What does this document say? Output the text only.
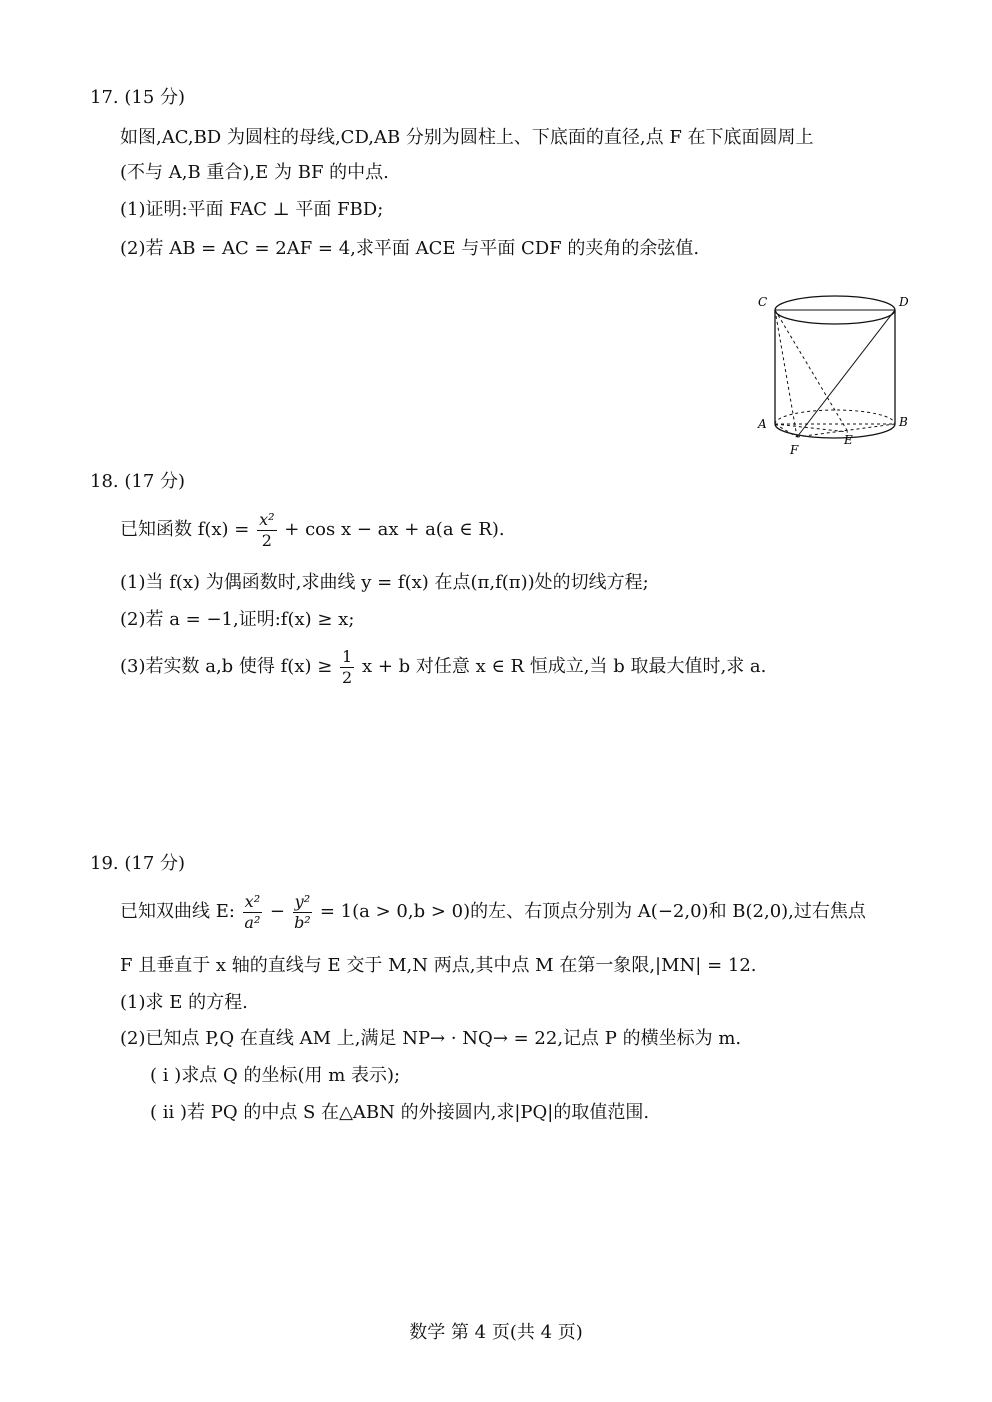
17. (15 分)
如图,AC,BD 为圆柱的母线,CD,AB 分别为圆柱上、下底面的直径,点 F 在下底面圆周上
(不与 A,B 重合),E 为 BF 的中点.
(1)证明:平面 FAC ⊥ 平面 FBD;
(2)若 AB = AC = 2AF = 4,求平面 ACE 与平面 CDF 的夹角的余弦值.
C	D
A	B
E
F
18. (17 分)
已知函数 $f(x) = \frac{\text{x²}}{2} + \cos x$ − ax + a(a ∈ R).
(1)当 f(x) 为偶函数时,求曲线 y = f(x) 在点(π,f(π))处的切线方程;
(2)若 a = −1,证明:f(x) ≥ x;
(3)若实数 a,b 使得 $f(x) \ge \frac{1}{2}$ x + b 对任意 x ∈ R 恒成立,当 b 取最大值时,求 a.
19. (17 分)
已知双曲线 E: $\frac{\text{x²}}{\text{a²}} - \frac{\text{y²}}{\text{b²}} = 1(a > 0,b > 0)$的左、右顶点分别为 A(−2,0)和 B(2,0),过右焦点
F 且垂直于 x 轴的直线与 E 交于 M,N 两点,其中点 M 在第一象限,|MN| = 12.
(1)求 E 的方程.
(2)已知点 P,Q 在直线 AM 上,满足 NP→ · NQ→ = 22,记点 P 的横坐标为 m.
( i )求点 Q 的坐标(用 m 表示);
( ii )若 PQ 的中点 S 在△ABN 的外接圆内,求|PQ|的取值范围.
数学 第 4 页(共 4 页)
